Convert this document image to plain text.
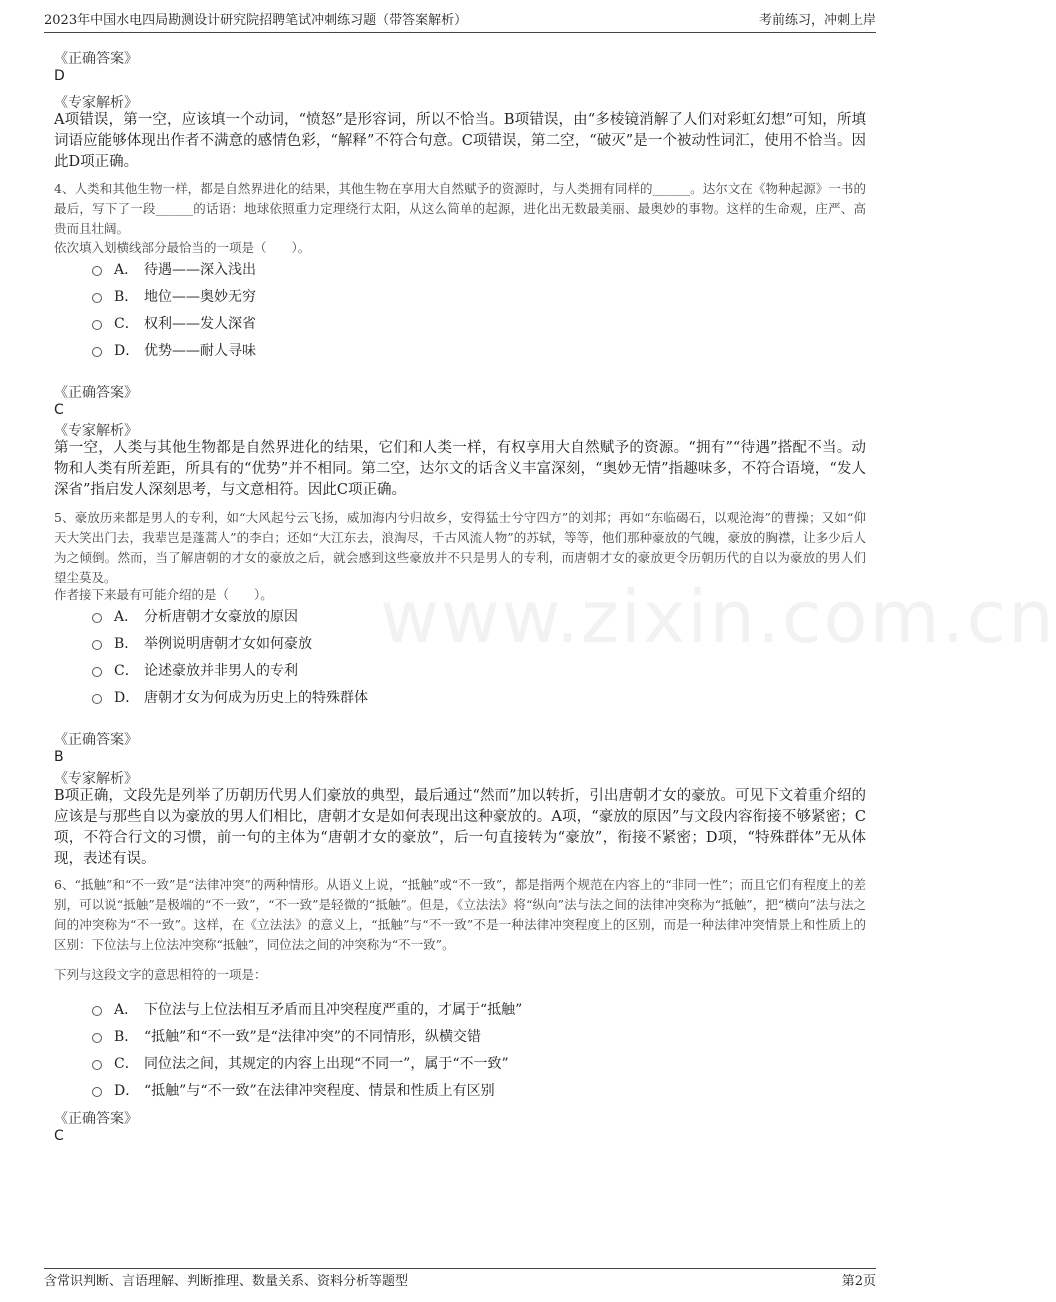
2023年中国水电四局勘测设计研究院招聘笔试冲刺练习题（带答案解析）	考前练习，冲刺上岸
www.zixin.com.cn
《正确答案》
D
《专家解析》
A项错误，第一空，应该填一个动词，“愤怒”是形容词，所以不恰当。B项错误，由“多棱镜消解了人们对彩虹幻想”可知，所填词语应能够体现出作者不满意的感情色彩，“解释”不符合句意。C项错误，第二空，“破灭”是一个被动性词汇，使用不恰当。因此D项正确。
4、人类和其他生物一样，都是自然界进化的结果，其他生物在享用大自然赋予的资源时，与人类拥有同样的______。达尔文在《物种起源》一书的最后，写下了一段______的话语：地球依照重力定理绕行太阳，从这么简单的起源，进化出无数最美丽、最奥妙的事物。这样的生命观，庄严、高贵而且壮阔。
依次填入划横线部分最恰当的一项是（　　）。
A． 待遇——深入浅出
B． 地位——奥妙无穷
C． 权利——发人深省
D． 优势——耐人寻味
《正确答案》
C
《专家解析》
第一空，人类与其他生物都是自然界进化的结果，它们和人类一样，有权享用大自然赋予的资源。“拥有”“待遇”搭配不当。动物和人类有所差距，所具有的“优势”并不相同。第二空，达尔文的话含义丰富深刻，“奥妙无情”指趣味多，不符合语境，“发人深省”指启发人深刻思考，与文意相符。因此C项正确。
5、豪放历来都是男人的专利，如“大风起兮云飞扬，威加海内兮归故乡，安得猛士兮守四方”的刘邦；再如“东临碣石，以观沧海”的曹操；又如“仰天大笑出门去，我辈岂是蓬蒿人”的李白；还如“大江东去，浪淘尽，千古风流人物”的苏轼，等等，他们那种豪放的气魄，豪放的胸襟，让多少后人为之倾倒。然而，当了解唐朝的才女的豪放之后，就会感到这些豪放并不只是男人的专利，而唐朝才女的豪放更令历朝历代的自以为豪放的男人们望尘莫及。
作者接下来最有可能介绍的是（　　）。
A． 分析唐朝才女豪放的原因
B． 举例说明唐朝才女如何豪放
C． 论述豪放并非男人的专利
D． 唐朝才女为何成为历史上的特殊群体
《正确答案》
B
《专家解析》
B项正确，文段先是列举了历朝历代男人们豪放的典型，最后通过“然而”加以转折，引出唐朝才女的豪放。可见下文着重介绍的应该是与那些自以为豪放的男人们相比，唐朝才女是如何表现出这种豪放的。A项，“豪放的原因”与文段内容衔接不够紧密；C项，不符合行文的习惯，前一句的主体为“唐朝才女的豪放”，后一句直接转为“豪放”，衔接不紧密；D项，“特殊群体”无从体现，表述有误。
6、“抵触”和“不一致”是“法律冲突”的两种情形。从语义上说，“抵触”或“不一致”，都是指两个规范在内容上的“非同一性”；而且它们有程度上的差别，可以说“抵触”是极端的“不一致”，“不一致”是轻微的“抵触”。但是，《立法法》将“纵向”法与法之间的法律冲突称为“抵触”，把“横向”法与法之间的冲突称为“不一致”。这样，在《立法法》的意义上，“抵触”与“不一致”不是一种法律冲突程度上的区别，而是一种法律冲突情景上和性质上的区别：下位法与上位法冲突称“抵触”，同位法之间的冲突称为“不一致”。
下列与这段文字的意思相符的一项是：
A． 下位法与上位法相互矛盾而且冲突程度严重的，才属于“抵触”
B． “抵触”和“不一致”是“法律冲突”的不同情形，纵横交错
C． 同位法之间，其规定的内容上出现“不同一”，属于“不一致”
D． “抵触”与“不一致”在法律冲突程度、情景和性质上有区别
《正确答案》
C
含常识判断、言语理解、判断推理、数量关系、资料分析等题型	第2页
